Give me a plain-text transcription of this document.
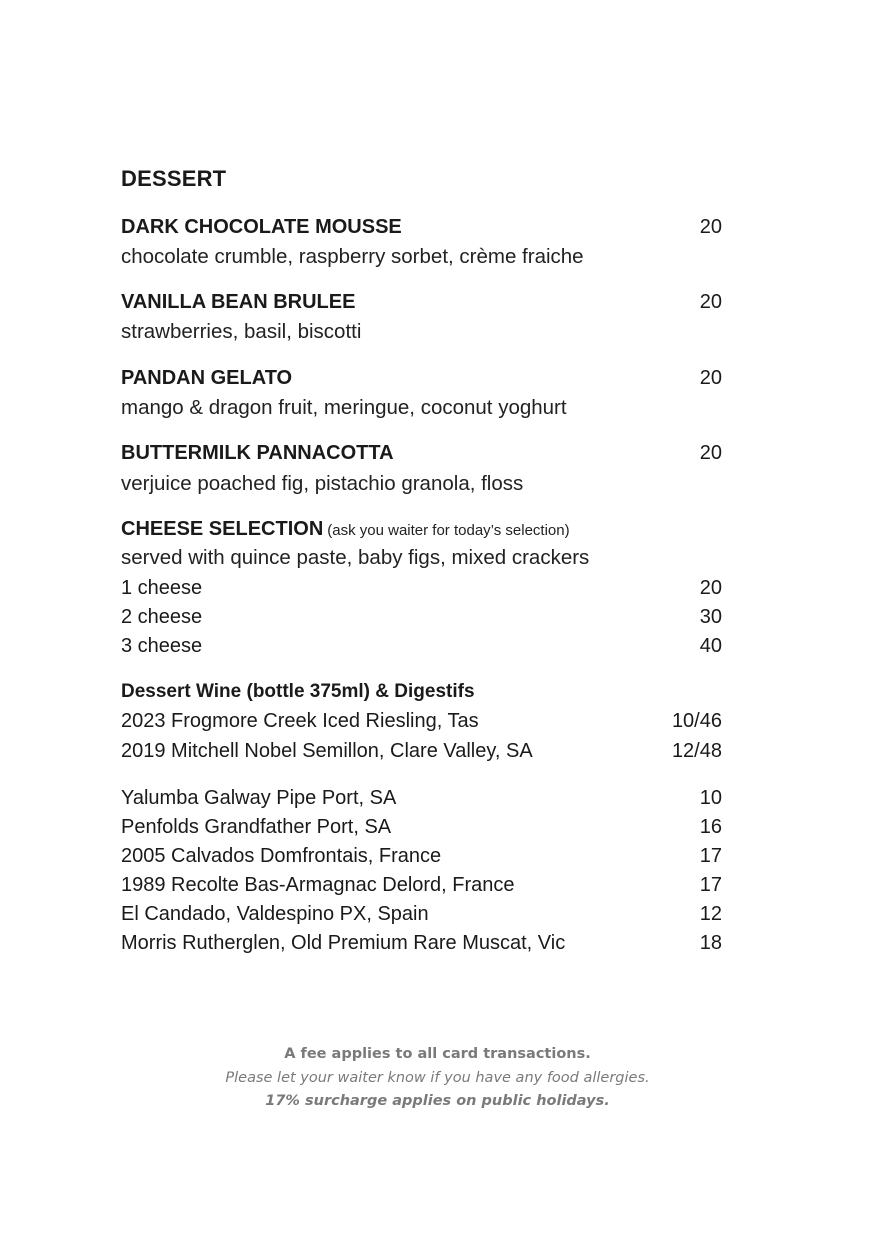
DESSERT
DARK CHOCOLATE MOUSSE	20
chocolate crumble, raspberry sorbet, crème fraiche
VANILLA BEAN BRULEE	20
strawberries, basil, biscotti
PANDAN GELATO	20
mango & dragon fruit, meringue, coconut yoghurt
BUTTERMILK PANNACOTTA	20
verjuice poached fig, pistachio granola, floss
CHEESE SELECTION (ask you waiter for today’s selection)
served with quince paste, baby figs, mixed crackers
1 cheese	20
2 cheese	30
3 cheese	40
Dessert Wine (bottle 375ml) & Digestifs
2023 Frogmore Creek Iced Riesling, Tas	10/46
2019 Mitchell Nobel Semillon, Clare Valley, SA	12/48
Yalumba Galway Pipe Port, SA	10
Penfolds Grandfather Port, SA	16
2005 Calvados Domfrontais, France	17
1989 Recolte Bas-Armagnac Delord, France	17
El Candado, Valdespino PX, Spain	12
Morris Rutherglen, Old Premium Rare Muscat, Vic	18
A fee applies to all card transactions.
Please let your waiter know if you have any food allergies.
17% surcharge applies on public holidays.
